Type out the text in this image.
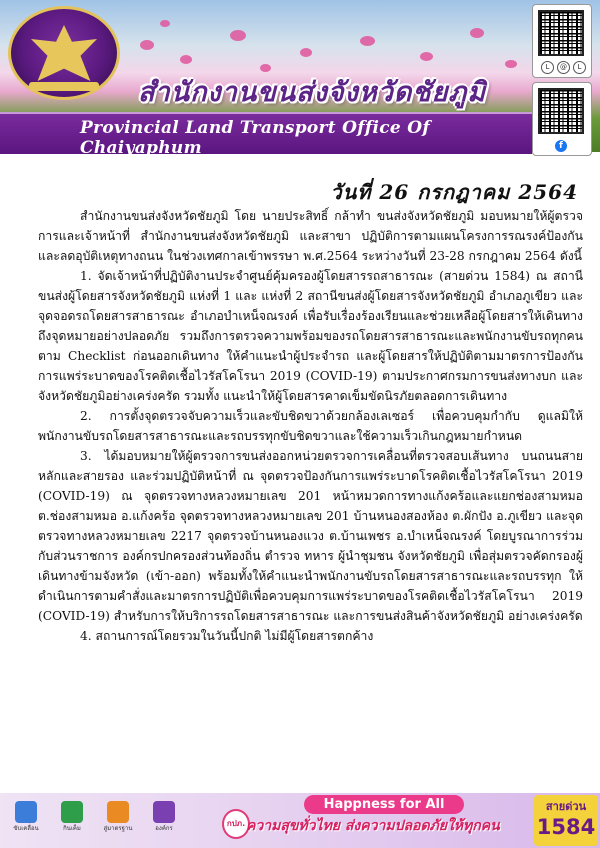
สำนักงานขนส่งจังหวัดชัยภูมิ
Provincial Land Transport Office Of Chaiyaphum
L	@	L
f
วันที่ 26 กรกฎาคม 2564

สำนักงานขนส่งจังหวัดชัยภูมิ โดย นายประสิทธิ์ กล้าทำ ขนส่งจังหวัดชัยภูมิ มอบหมายให้ผู้ตรวจการและเจ้าหน้าที่ สำนักงานขนส่งจังหวัดชัยภูมิ และสาขา ปฏิบัติการตามแผนโครงการรณรงค์ป้องกันและลดอุบัติเหตุทางถนน ในช่วงเทศกาลเข้าพรรษา พ.ศ.2564 ระหว่างวันที่ 23-28 กรกฎาคม 2564 ดังนี้

1. จัดเจ้าหน้าที่ปฏิบัติงานประจำศูนย์คุ้มครองผู้โดยสารรถสาธารณะ (สายด่วน 1584) ณ สถานีขนส่งผู้โดยสารจังหวัดชัยภูมิ แห่งที่ 1 และ แห่งที่ 2 สถานีขนส่งผู้โดยสารจังหวัดชัยภูมิ อำเภอภูเขียว และจุดจอดรถโดยสารสาธารณะ อำเภอบำเหน็จณรงค์ เพื่อรับเรื่องร้องเรียนและช่วยเหลือผู้โดยสารให้เดินทางถึงจุดหมายอย่างปลอดภัย รวมถึงการตรวจความพร้อมของรถโดยสารสาธารณะและพนักงานขับรถทุกคนตาม Checklist ก่อนออกเดินทาง ให้คำแนะนำผู้ประจำรถ และผู้โดยสารให้ปฏิบัติตามมาตรการป้องกันการแพร่ระบาดของโรคติดเชื้อไวรัสโคโรนา 2019 (COVID-19) ตามประกาศกรมการขนส่งทางบก และจังหวัดชัยภูมิอย่างเคร่งครัด รวมทั้ง แนะนำให้ผู้โดยสารคาดเข็มขัดนิรภัยตลอดการเดินทาง

2. การตั้งจุดตรวจจับความเร็วและขับชิดขวาด้วยกล้องเลเซอร์ เพื่อควบคุมกำกับ ดูแลมิให้พนักงานขับรถโดยสารสาธารณะและรถบรรทุกขับชิดขวาและใช้ความเร็วเกินกฎหมายกำหนด

3. ได้มอบหมายให้ผู้ตรวจการขนส่งออกหน่วยตรวจการเคลื่อนที่ตรวจสอบเส้นทาง บนถนนสายหลักและสายรอง และร่วมปฏิบัติหน้าที่ ณ จุดตรวจป้องกันการแพร่ระบาดโรคติดเชื้อไวรัสโคโรนา 2019 (COVID-19) ณ จุดตรวจทางหลวงหมายเลข 201 หน้าหมวดการทางแก้งคร้อและแยกช่องสามหมอ ต.ช่องสามหมอ อ.แก้งคร้อ จุดตรวจทางหลวงหมายเลข 201 บ้านหนองสองห้อง ต.ผักปัง อ.ภูเขียว และจุดตรวจทางหลวงหมายเลข 2217 จุดตรวจบ้านหนองแวง ต.บ้านเพชร อ.บำเหน็จณรงค์ โดยบูรณาการร่วมกับส่วนราชการ องค์กรปกครองส่วนท้องถิ่น ตำรวจ ทหาร ผู้นำชุมชน จังหวัดชัยภูมิ เพื่อสุ่มตรวจคัดกรองผู้เดินทางข้ามจังหวัด (เข้า-ออก) พร้อมทั้งให้คำแนะนำพนักงานขับรถโดยสารสาธารณะและรถบรรทุก ให้ดำเนินการตามคำสั่งและมาตรการปฏิบัติเพื่อควบคุมการแพร่ระบาดของโรคติดเชื้อไวรัสโคโรนา 2019 (COVID-19) สำหรับการให้บริการรถโดยสารสาธารณะ และการขนส่งสินค้าจังหวัดชัยภูมิ อย่างเคร่งครัด

4. สถานการณ์โดยรวมในวันนี้ปกติ ไม่มีผู้โดยสารตกค้าง

ขับเคลื่อน	กินเค็ม	สู่มาตรฐาน	องค์กร
กปภ.
Happness for All
ความสุขทั่วไทย ส่งความปลอดภัยให้ทุกคน
สายด่วน
1584
